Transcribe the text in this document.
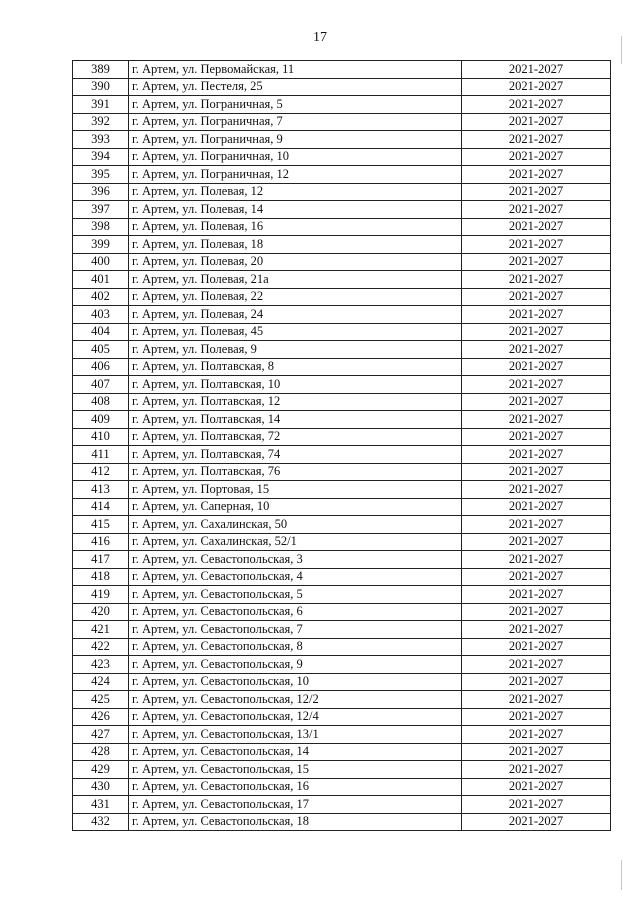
17
389	г. Артем, ул. Первомайская, 11	2021-2027
390	г. Артем, ул. Пестеля, 25	2021-2027
391	г. Артем, ул. Пограничная, 5	2021-2027
392	г. Артем, ул. Пограничная, 7	2021-2027
393	г. Артем, ул. Пограничная, 9	2021-2027
394	г. Артем, ул. Пограничная, 10	2021-2027
395	г. Артем, ул. Пограничная, 12	2021-2027
396	г. Артем, ул. Полевая, 12	2021-2027
397	г. Артем, ул. Полевая, 14	2021-2027
398	г. Артем, ул. Полевая, 16	2021-2027
399	г. Артем, ул. Полевая, 18	2021-2027
400	г. Артем, ул. Полевая, 20	2021-2027
401	г. Артем, ул. Полевая, 21а	2021-2027
402	г. Артем, ул. Полевая, 22	2021-2027
403	г. Артем, ул. Полевая, 24	2021-2027
404	г. Артем, ул. Полевая, 45	2021-2027
405	г. Артем, ул. Полевая, 9	2021-2027
406	г. Артем, ул. Полтавская, 8	2021-2027
407	г. Артем, ул. Полтавская, 10	2021-2027
408	г. Артем, ул. Полтавская, 12	2021-2027
409	г. Артем, ул. Полтавская, 14	2021-2027
410	г. Артем, ул. Полтавская, 72	2021-2027
411	г. Артем, ул. Полтавская, 74	2021-2027
412	г. Артем, ул. Полтавская, 76	2021-2027
413	г. Артем, ул. Портовая, 15	2021-2027
414	г. Артем, ул. Саперная, 10	2021-2027
415	г. Артем, ул. Сахалинская, 50	2021-2027
416	г. Артем, ул. Сахалинская, 52/1	2021-2027
417	г. Артем, ул. Севастопольская, 3	2021-2027
418	г. Артем, ул. Севастопольская, 4	2021-2027
419	г. Артем, ул. Севастопольская, 5	2021-2027
420	г. Артем, ул. Севастопольская, 6	2021-2027
421	г. Артем, ул. Севастопольская, 7	2021-2027
422	г. Артем, ул. Севастопольская, 8	2021-2027
423	г. Артем, ул. Севастопольская, 9	2021-2027
424	г. Артем, ул. Севастопольская, 10	2021-2027
425	г. Артем, ул. Севастопольская, 12/2	2021-2027
426	г. Артем, ул. Севастопольская, 12/4	2021-2027
427	г. Артем, ул. Севастопольская, 13/1	2021-2027
428	г. Артем, ул. Севастопольская, 14	2021-2027
429	г. Артем, ул. Севастопольская, 15	2021-2027
430	г. Артем, ул. Севастопольская, 16	2021-2027
431	г. Артем, ул. Севастопольская, 17	2021-2027
432	г. Артем, ул. Севастопольская, 18	2021-2027
